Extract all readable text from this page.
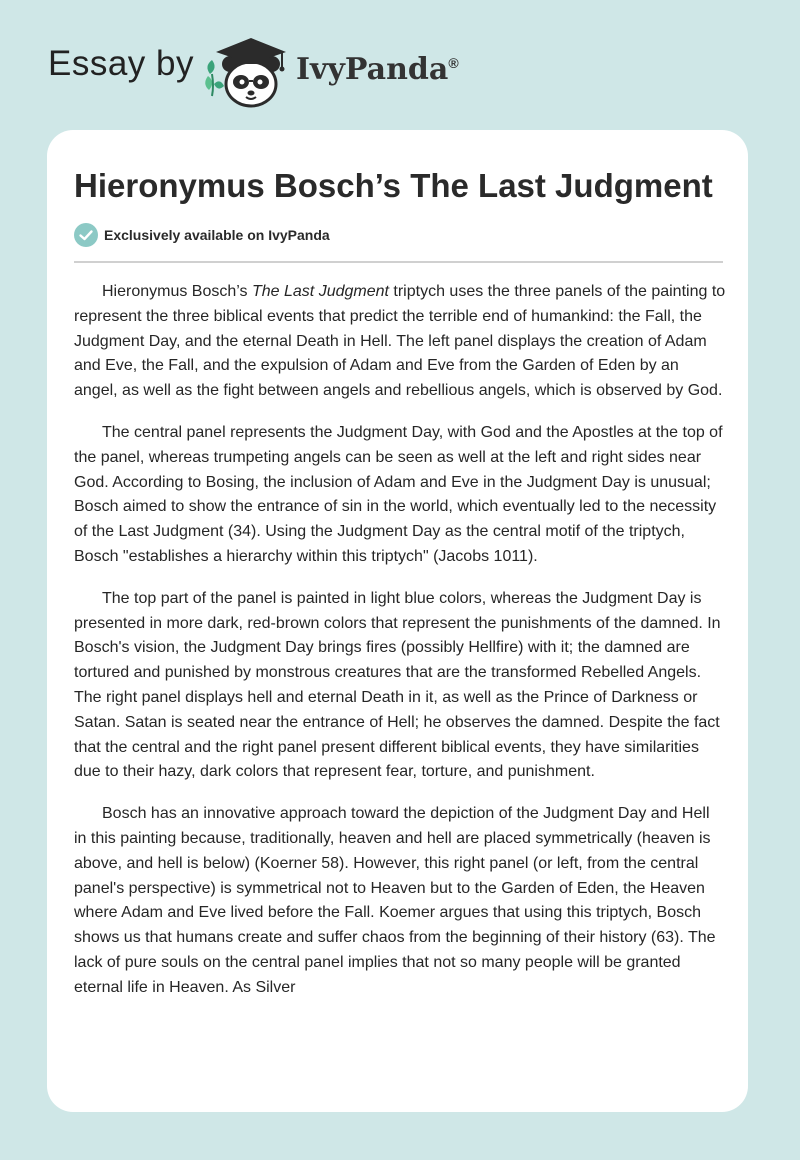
Essay by	IvyPanda®
Hieronymus Bosch’s The Last Judgment
Exclusively available on IvyPanda

Hieronymus Bosch’s The Last Judgment triptych uses the three panels of the painting to represent the three biblical events that predict the terrible end of humankind: the Fall, the Judgment Day, and the eternal Death in Hell. The left panel displays the creation of Adam and Eve, the Fall, and the expulsion of Adam and Eve from the Garden of Eden by an angel, as well as the fight between angels and rebellious angels, which is observed by God.

The central panel represents the Judgment Day, with God and the Apostles at the top of the panel, whereas trumpeting angels can be seen as well at the left and right sides near God. According to Bosing, the inclusion of Adam and Eve in the Judgment Day is unusual; Bosch aimed to show the entrance of sin in the world, which eventually led to the necessity of the Last Judgment (34). Using the Judgment Day as the central motif of the triptych, Bosch "establishes a hierarchy within this triptych" (Jacobs 1011).

The top part of the panel is painted in light blue colors, whereas the Judgment Day is presented in more dark, red-brown colors that represent the punishments of the damned. In Bosch's vision, the Judgment Day brings fires (possibly Hellfire) with it; the damned are tortured and punished by monstrous creatures that are the transformed Rebelled Angels. The right panel displays hell and eternal Death in it, as well as the Prince of Darkness or Satan. Satan is seated near the entrance of Hell; he observes the damned. Despite the fact that the central and the right panel present different biblical events, they have similarities due to their hazy, dark colors that represent fear, torture, and punishment.

Bosch has an innovative approach toward the depiction of the Judgment Day and Hell in this painting because, traditionally, heaven and hell are placed symmetrically (heaven is above, and hell is below) (Koerner 58). However, this right panel (or left, from the central panel's perspective) is symmetrical not to Heaven but to the Garden of Eden, the Heaven where Adam and Eve lived before the Fall. Koemer argues that using this triptych, Bosch shows us that humans create and suffer chaos from the beginning of their history (63). The lack of pure souls on the central panel implies that not so many people will be granted eternal life in Heaven. As Silver
